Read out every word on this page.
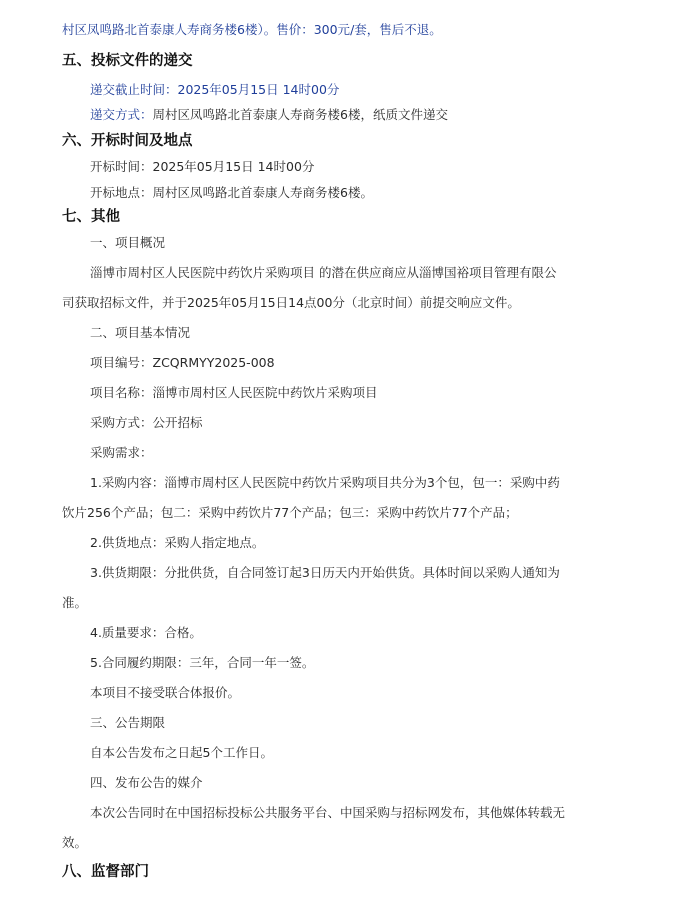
村区凤鸣路北首泰康人寿商务楼6楼）。售价：300元/套，售后不退。
五、投标文件的递交
递交截止时间：2025年05月15日 14时00分
递交方式：周村区凤鸣路北首泰康人寿商务楼6楼，纸质文件递交
六、开标时间及地点
开标时间：2025年05月15日 14时00分
开标地点：周村区凤鸣路北首泰康人寿商务楼6楼。
七、其他
一、项目概况
淄博市周村区人民医院中药饮片采购项目 的潜在供应商应从淄博国裕项目管理有限公
司获取招标文件，并于2025年05月15日14点00分（北京时间）前提交响应文件。
二、项目基本情况
项目编号：ZCQRMYY2025-008
项目名称：淄博市周村区人民医院中药饮片采购项目
采购方式：公开招标
采购需求：
1.采购内容：淄博市周村区人民医院中药饮片采购项目共分为3个包，包一：采购中药
饮片256个产品；包二：采购中药饮片77个产品；包三：采购中药饮片77个产品；
2.供货地点：采购人指定地点。
3.供货期限：分批供货，自合同签订起3日历天内开始供货。具体时间以采购人通知为
准。
4.质量要求：合格。
5.合同履约期限：三年，合同一年一签。
本项目不接受联合体报价。
三、公告期限
自本公告发布之日起5个工作日。
四、发布公告的媒介
本次公告同时在中国招标投标公共服务平台、中国采购与招标网发布，其他媒体转载无
效。
八、监督部门
